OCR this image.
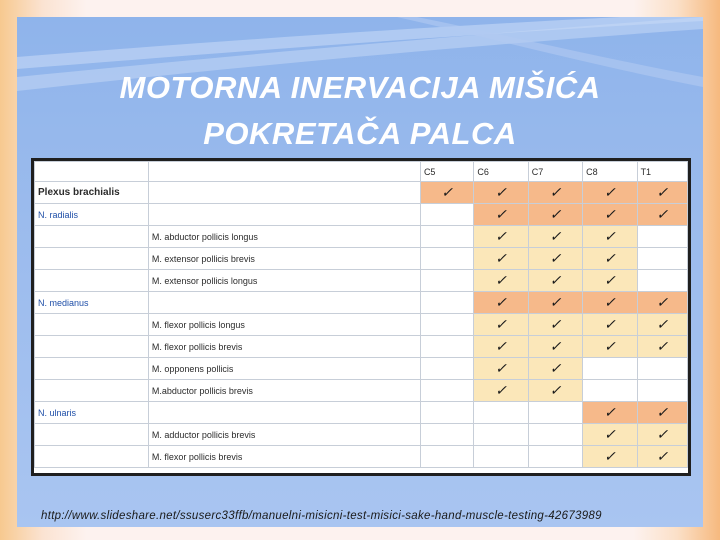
MOTORNA INERVACIJA MIŠIĆA
POKRETAČA PALCA
		C5	C6	C7	C8	T1
Plexus brachialis		✓	✓	✓	✓	✓
N. radialis			✓	✓	✓	✓
	M. abductor pollicis longus		✓	✓	✓	
	M. extensor pollicis brevis		✓	✓	✓	
	M. extensor pollicis longus		✓	✓	✓	
N. medianus			✓	✓	✓	✓
	M. flexor pollicis longus		✓	✓	✓	✓
	M. flexor pollicis brevis		✓	✓	✓	✓
	M. opponens pollicis		✓	✓		
	M.abductor pollicis brevis		✓	✓		
N. ulnaris					✓	✓
	M. adductor pollicis brevis				✓	✓
	M. flexor pollicis brevis				✓	✓
http://www.slideshare.net/ssuserc33ffb/manuelni-misicni-test-misici-sake-hand-muscle-testing-42673989
